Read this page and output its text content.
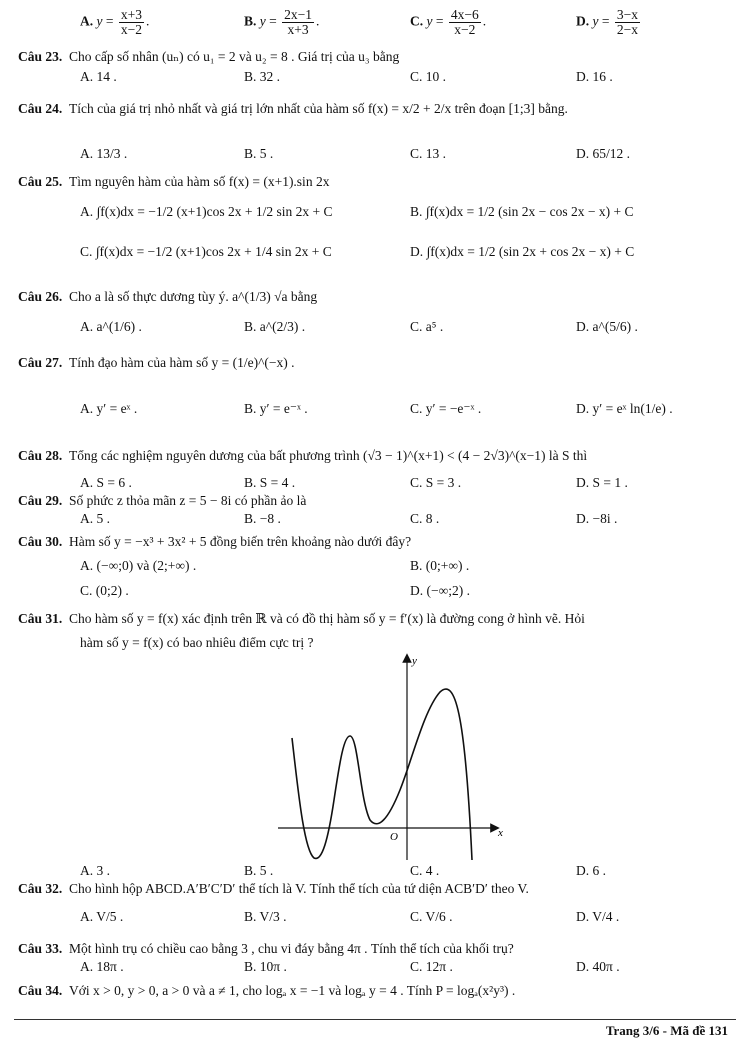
A. $y = \frac{x+3}{x-2}$ .	B. $y = \frac{2x-1}{x+3}$ .	C. $y = \frac{4x-6}{x-2}$ .	D. $y = \frac{3-x}{2-x}$
Câu 23. Cho cấp số nhân (uₙ) có u₁ = 2 và u₂ = 8 . Giá trị của u₃ bằng
A. 14 .	B. 32 .	C. 10 .	D. 16 .
Câu 24. Tích của giá trị nhỏ nhất và giá trị lớn nhất của hàm số f(x) = x/2 + 2/x trên đoạn [1;3] bằng.
A. 13/3 .	B. 5 .	C. 13 .	D. 65/12 .
Câu 25. Tìm nguyên hàm của hàm số f(x) = (x+1).sin 2x
A. ∫f(x)dx = −1/2 (x+1)cos 2x + 1/2 sin 2x + C	B. ∫f(x)dx = 1/2 (sin 2x − cos 2x − x) + C
C. ∫f(x)dx = −1/2 (x+1)cos 2x + 1/4 sin 2x + C	D. ∫f(x)dx = 1/2 (sin 2x + cos 2x − x) + C
Câu 26. Cho a là số thực dương tùy ý. a^(1/3) √a bằng
A. a^(1/6) .	B. a^(2/3) .	C. a⁵ .	D. a^(5/6) .
Câu 27. Tính đạo hàm của hàm số y = (1/e)^(−x) .
A. y′ = eˣ .	B. y′ = e⁻ˣ .	C. y′ = −e⁻ˣ .	D. y′ = eˣ ln(1/e) .
Câu 28. Tổng các nghiệm nguyên dương của bất phương trình (√3 − 1)^(x+1) < (4 − 2√3)^(x−1) là S thì
A. S = 6 .	B. S = 4 .	C. S = 3 .	D. S = 1 .
Câu 29. Số phức z thỏa mãn z = 5 − 8i có phần ảo là
A. 5 .	B. −8 .	C. 8 .	D. −8i .
Câu 30. Hàm số y = −x³ + 3x² + 5 đồng biến trên khoảng nào dưới đây?
A. (−∞;0) và (2;+∞) .	B. (0;+∞) .
C. (0;2) .	D. (−∞;2) .
Câu 31. Cho hàm số y = f(x) xác định trên ℝ và có đồ thị hàm số y = f′(x) là đường cong ở hình vẽ. Hỏi
hàm số y = f(x) có bao nhiêu điểm cực trị ?
y
x
O
A. 3 .	B. 5 .	C. 4 .	D. 6 .
Câu 32. Cho hình hộp ABCD.A′B′C′D′ thể tích là V. Tính thể tích của tứ diện ACB′D′ theo V.
A. V/5 .	B. V/3 .	C. V/6 .	D. V/4 .
Câu 33. Một hình trụ có chiều cao bằng 3 , chu vi đáy bằng 4π . Tính thể tích của khối trụ?
A. 18π .	B. 10π .	C. 12π .	D. 40π .
Câu 34. Với x > 0, y > 0, a > 0 và a ≠ 1, cho logₐ x = −1 và logₐ y = 4 . Tính P = logₐ(x²y³) .
Trang 3/6 - Mã đề 131
